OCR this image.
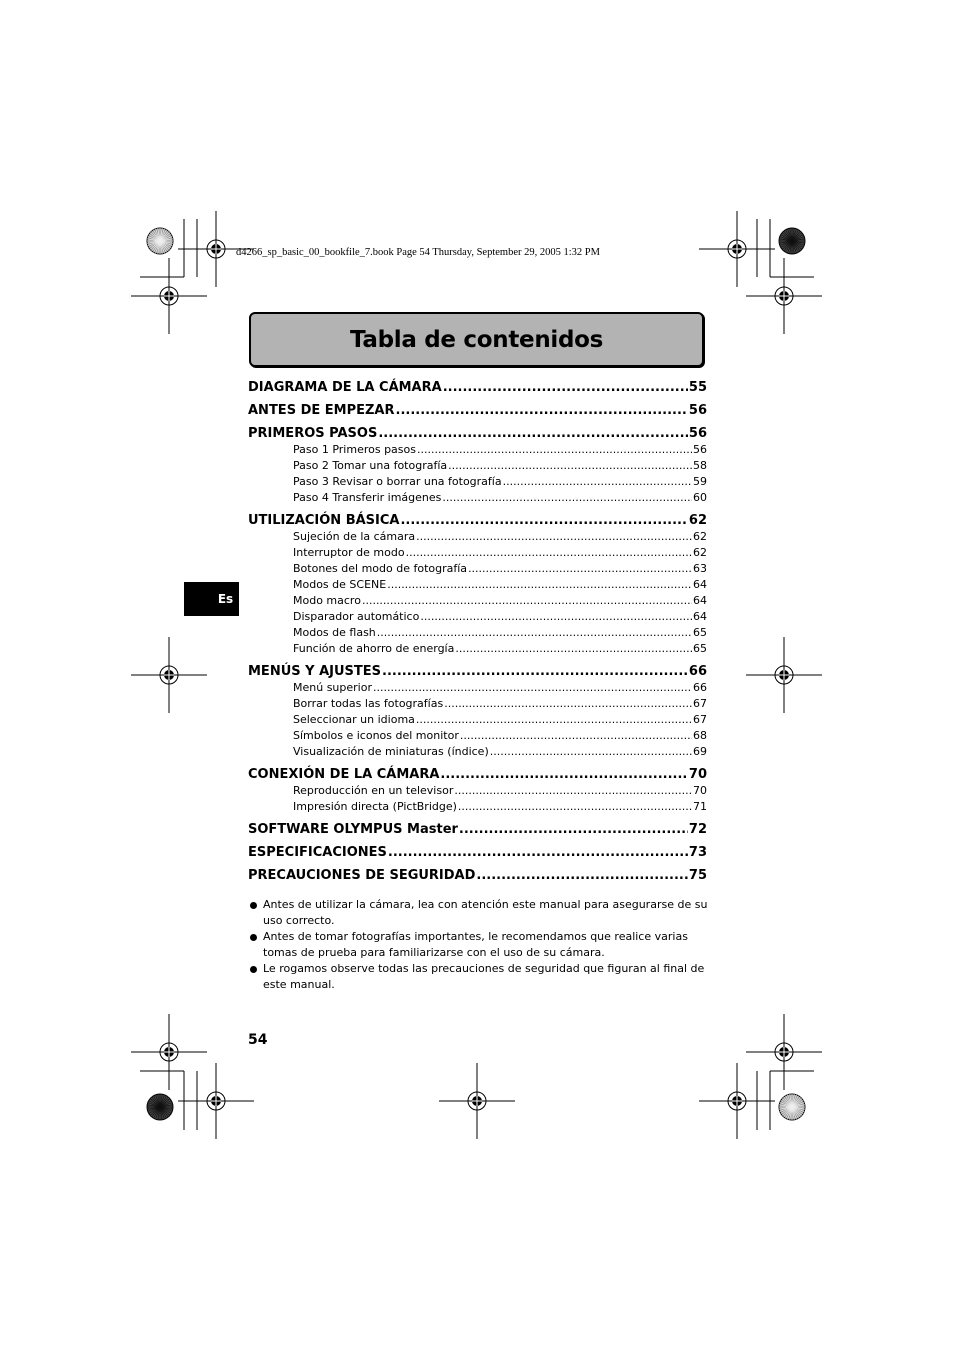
d4266_sp_basic_00_bookfile_7.book Page 54 Thursday, September 29, 2005 1:32 PM
Tabla de contenidos
DIAGRAMA DE LA CÁMARA .....	55
ANTES DE EMPEZAR .....	56
PRIMEROS PASOS .....	56
Paso 1 Primeros pasos .....	56
Paso 2 Tomar una fotografía .....	58
Paso 3 Revisar o borrar una fotografía .....	59
Paso 4 Transferir imágenes .....	60
UTILIZACIÓN BÁSICA .....	62
Sujeción de la cámara .....	62
Interruptor de modo .....	62
Botones del modo de fotografía .....	63
Modos de SCENE .....	64
Modo macro .....	64
Disparador automático .....	64
Modos de flash .....	65
Función de ahorro de energía .....	65
MENÚS Y AJUSTES .....	66
Menú superior .....	66
Borrar todas las fotografías .....	67
Seleccionar un idioma .....	67
Símbolos e iconos del monitor .....	68
Visualización de miniaturas (índice) .....	69
CONEXIÓN DE LA CÁMARA .....	70
Reproducción en un televisor .....	70
Impresión directa (PictBridge) .....	71
SOFTWARE OLYMPUS Master .....	72
ESPECIFICACIONES .....	73
PRECAUCIONES DE SEGURIDAD .....	75
Antes de utilizar la cámara, lea con atención este manual para asegurarse de su uso correcto.
Antes de tomar fotografías importantes, le recomendamos que realice varias tomas de prueba para familiarizarse con el uso de su cámara.
Le rogamos observe todas las precauciones de seguridad que figuran al final de este manual.
Es
54
